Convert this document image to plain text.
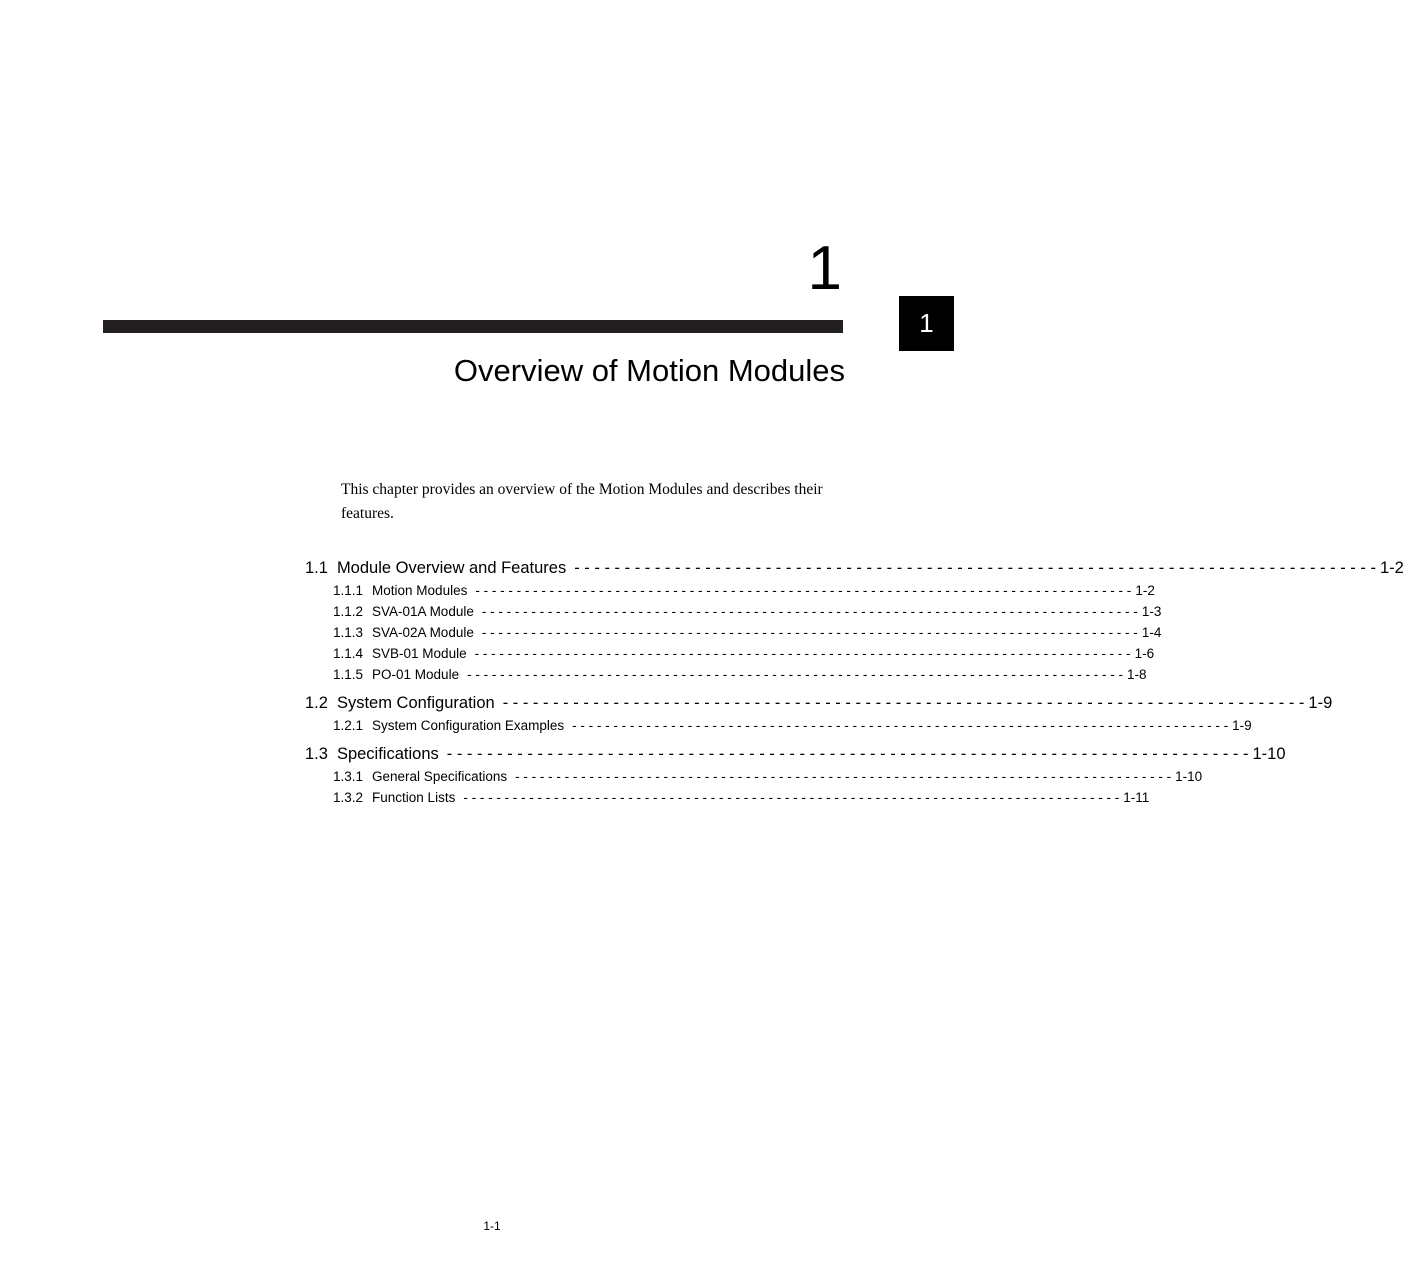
1
Overview of Motion Modules
1
This chapter provides an overview of the Motion Modules and describes their features.
1.1 Module Overview and Features - - - - - - - - - - - - - - - - - - - - - - - - - - - - - - - - - - - - - - - - - - - - - - - - - - - - - - - - - - - - - - - - - - - - - - - - - - - - - - - - 1-2
1.1.1 Motion Modules - - - - - - - - - - - - - - - - - - - - - - - - - - - - - - - - - - - - - - - - - - - - - - - - - - - - - - - - - - - - - - - - - - - - - - - - - - - - - - - - 1-2
1.1.2 SVA-01A Module - - - - - - - - - - - - - - - - - - - - - - - - - - - - - - - - - - - - - - - - - - - - - - - - - - - - - - - - - - - - - - - - - - - - - - - - - - - - - - - - 1-3
1.1.3 SVA-02A Module - - - - - - - - - - - - - - - - - - - - - - - - - - - - - - - - - - - - - - - - - - - - - - - - - - - - - - - - - - - - - - - - - - - - - - - - - - - - - - - - 1-4
1.1.4 SVB-01 Module - - - - - - - - - - - - - - - - - - - - - - - - - - - - - - - - - - - - - - - - - - - - - - - - - - - - - - - - - - - - - - - - - - - - - - - - - - - - - - - - 1-6
1.1.5 PO-01 Module - - - - - - - - - - - - - - - - - - - - - - - - - - - - - - - - - - - - - - - - - - - - - - - - - - - - - - - - - - - - - - - - - - - - - - - - - - - - - - - - 1-8
1.2 System Configuration - - - - - - - - - - - - - - - - - - - - - - - - - - - - - - - - - - - - - - - - - - - - - - - - - - - - - - - - - - - - - - - - - - - - - - - - - - - - - - - - 1-9
1.2.1 System Configuration Examples - - - - - - - - - - - - - - - - - - - - - - - - - - - - - - - - - - - - - - - - - - - - - - - - - - - - - - - - - - - - - - - - - - - - - - - - - - - - - - - - 1-9
1.3 Specifications - - - - - - - - - - - - - - - - - - - - - - - - - - - - - - - - - - - - - - - - - - - - - - - - - - - - - - - - - - - - - - - - - - - - - - - - - - - - - - - - 1-10
1.3.1 General Specifications - - - - - - - - - - - - - - - - - - - - - - - - - - - - - - - - - - - - - - - - - - - - - - - - - - - - - - - - - - - - - - - - - - - - - - - - - - - - - - - - 1-10
1.3.2 Function Lists - - - - - - - - - - - - - - - - - - - - - - - - - - - - - - - - - - - - - - - - - - - - - - - - - - - - - - - - - - - - - - - - - - - - - - - - - - - - - - - - 1-11
1-1
